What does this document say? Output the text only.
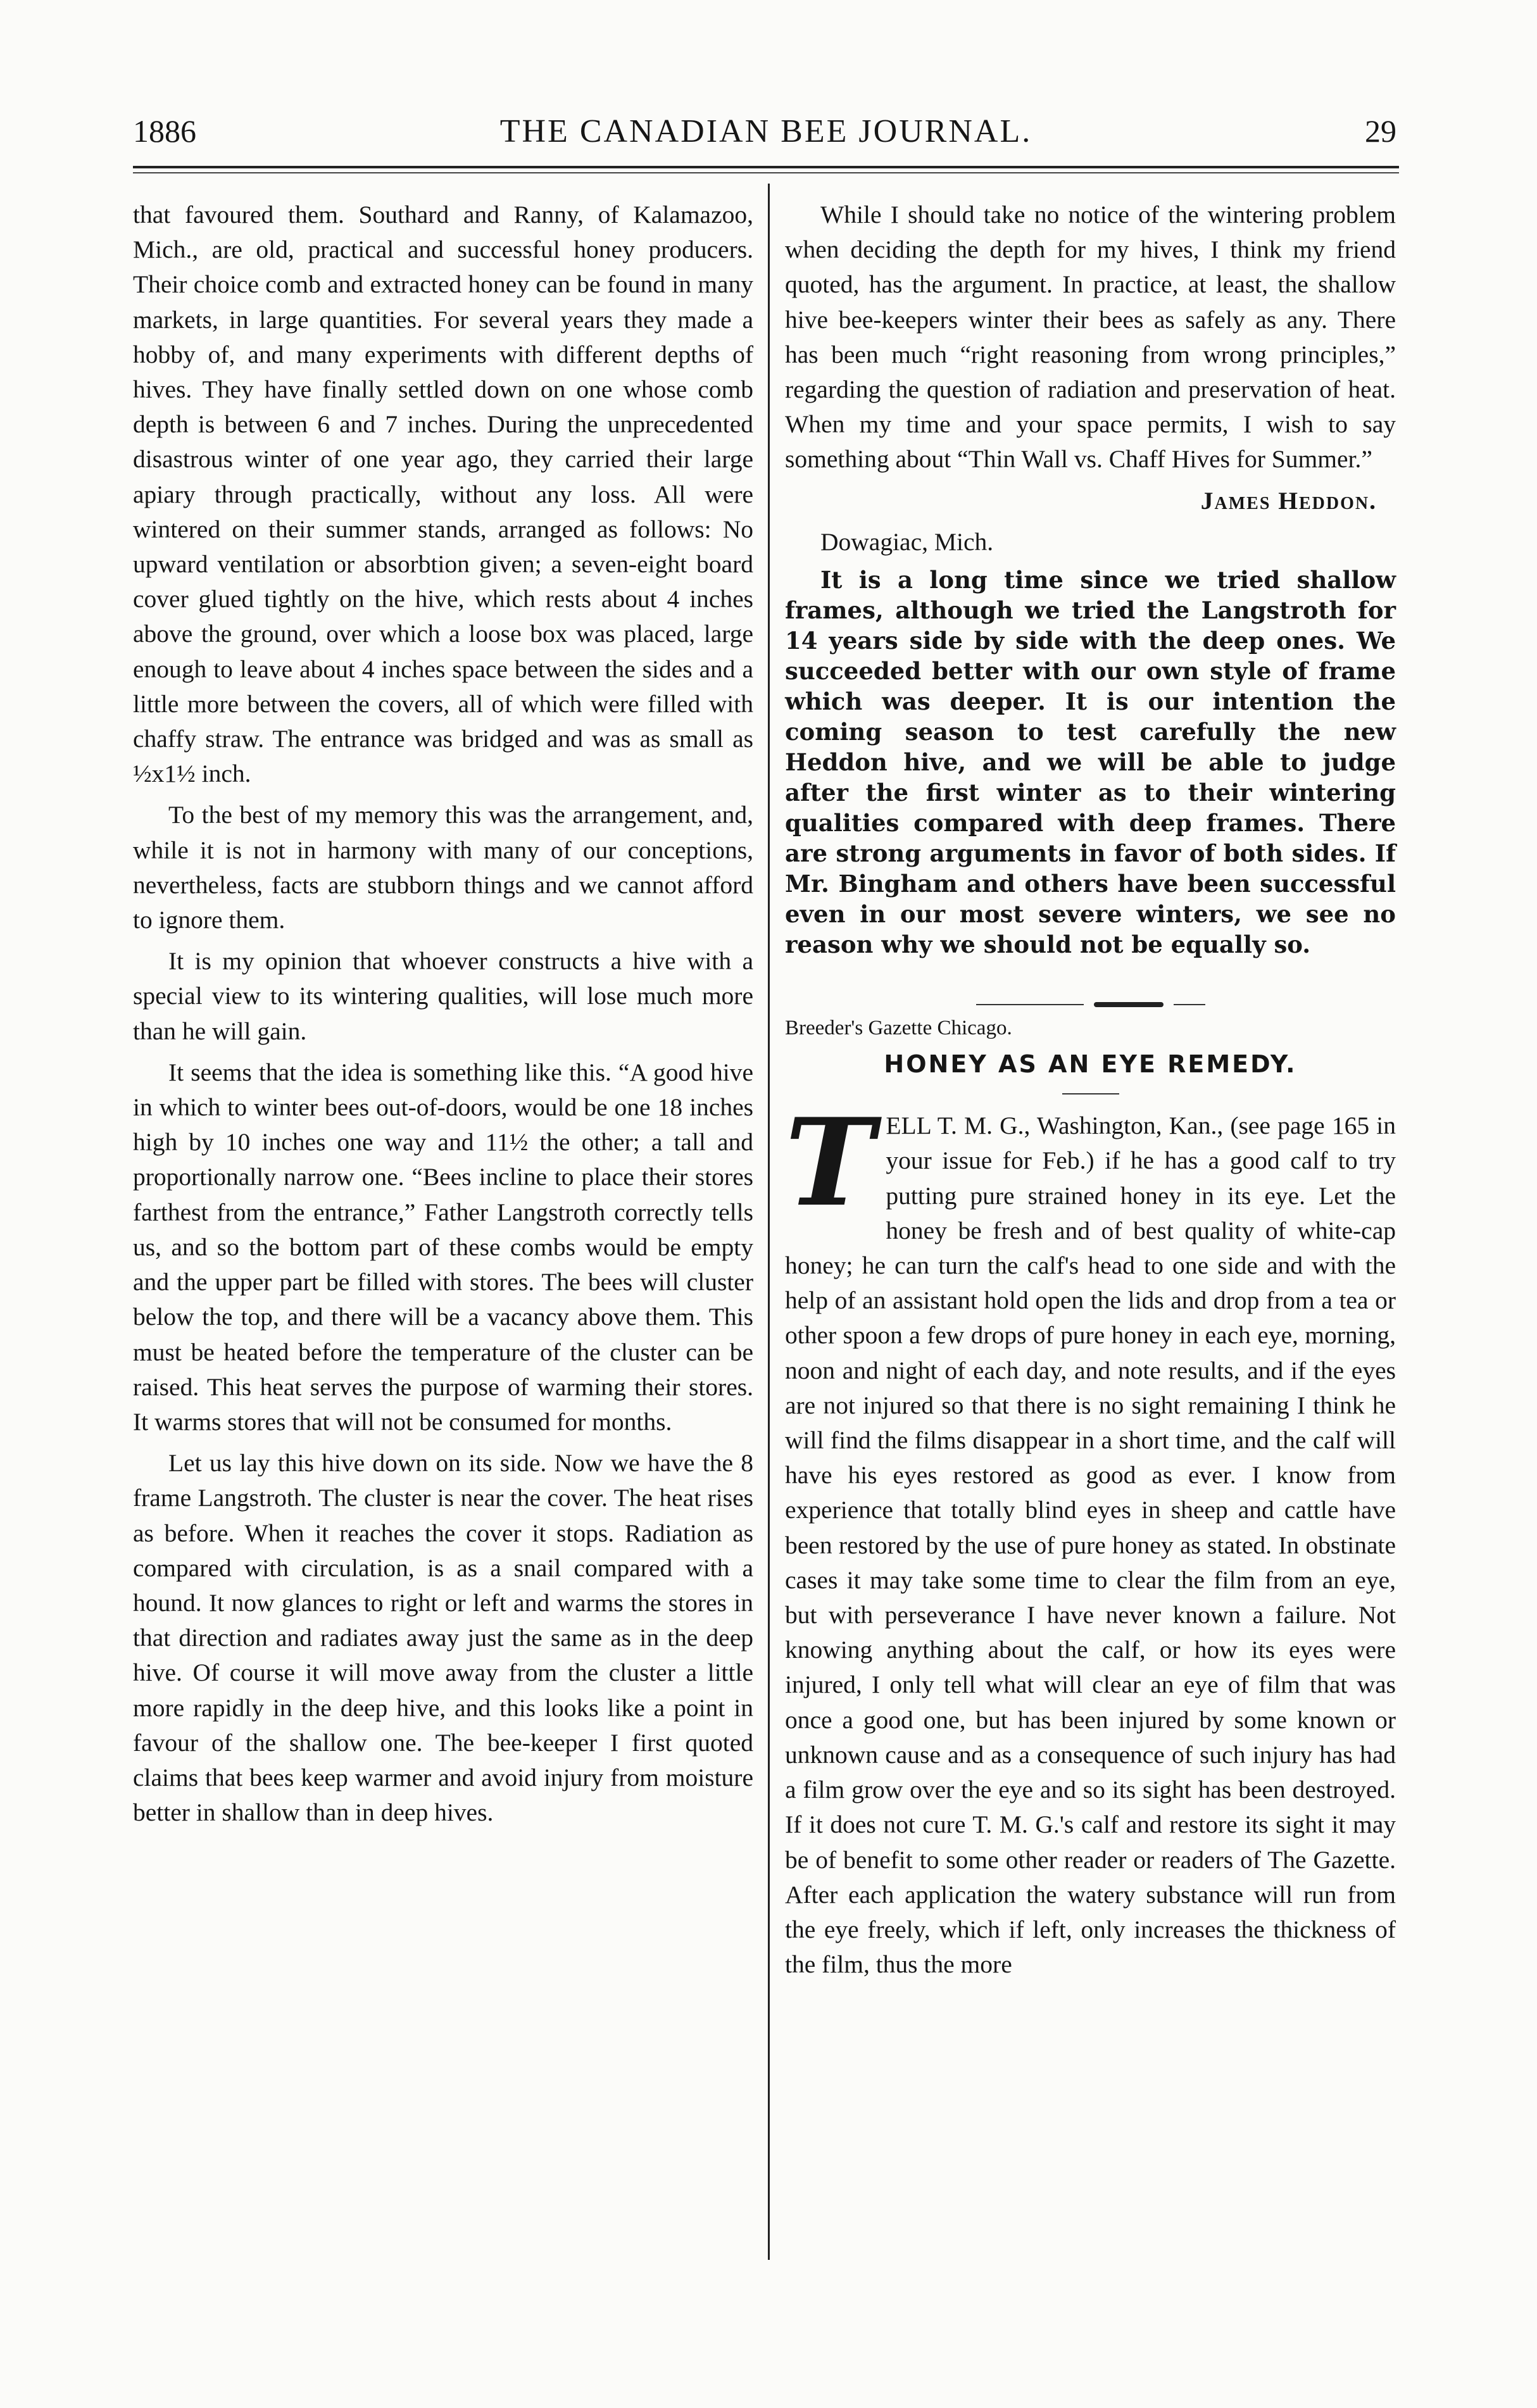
1886	THE CANADIAN BEE JOURNAL.	29

that favoured them. Southard and Ranny, of Kalamazoo, Mich., are old, practical and successful honey producers. Their choice comb and extracted honey can be found in many markets, in large quantities. For several years they made a hobby of, and many experiments with different depths of hives. They have finally settled down on one whose comb depth is between 6 and 7 inches. During the unprecedented disastrous winter of one year ago, they carried their large apiary through practically, without any loss. All were wintered on their summer stands, arranged as follows: No upward ventilation or absorbtion given; a seven-eight board cover glued tightly on the hive, which rests about 4 inches above the ground, over which a loose box was placed, large enough to leave about 4 inches space between the sides and a little more between the covers, all of which were filled with chaffy straw. The entrance was bridged and was as small as ½x1½ inch.

To the best of my memory this was the arrangement, and, while it is not in harmony with many of our conceptions, nevertheless, facts are stubborn things and we cannot afford to ignore them.

It is my opinion that whoever constructs a hive with a special view to its wintering qualities, will lose much more than he will gain.

It seems that the idea is something like this. “A good hive in which to winter bees out-of-doors, would be one 18 inches high by 10 inches one way and 11½ the other; a tall and proportionally narrow one. “Bees incline to place their stores farthest from the entrance,” Father Langstroth correctly tells us, and so the bottom part of these combs would be empty and the upper part be filled with stores. The bees will cluster below the top, and there will be a vacancy above them. This must be heated before the temperature of the cluster can be raised. This heat serves the purpose of warming their stores. It warms stores that will not be consumed for months.

Let us lay this hive down on its side. Now we have the 8 frame Langstroth. The cluster is near the cover. The heat rises as before. When it reaches the cover it stops. Radiation as compared with circulation, is as a snail compared with a hound. It now glances to right or left and warms the stores in that direction and radiates away just the same as in the deep hive. Of course it will move away from the cluster a little more rapidly in the deep hive, and this looks like a point in favour of the shallow one. The bee-keeper I first quoted claims that bees keep warmer and avoid injury from moisture better in shallow than in deep hives.

While I should take no notice of the wintering problem when deciding the depth for my hives, I think my friend quoted, has the argument. In practice, at least, the shallow hive bee-keepers winter their bees as safely as any. There has been much “right reasoning from wrong principles,” regarding the question of radiation and preservation of heat. When my time and your space permits, I wish to say something about “Thin Wall vs. Chaff Hives for Summer.”

James Heddon.

Dowagiac, Mich.

It is a long time since we tried shallow frames, although we tried the Langstroth for 14 years side by side with the deep ones. We succeeded better with our own style of frame which was deeper. It is our intention the coming season to test carefully the new Heddon hive, and we will be able to judge after the first winter as to their wintering qualities compared with deep frames. There are strong arguments in favor of both sides. If Mr. Bingham and others have been successful even in our most severe winters, we see no reason why we should not be equally so.

Breeder's Gazette Chicago.

HONEY AS AN EYE REMEDY.

TELL T. M. G., Washington, Kan., (see page 165 in your issue for Feb.) if he has a good calf to try putting pure strained honey in its eye. Let the honey be fresh and of best quality of white-cap honey; he can turn the calf's head to one side and with the help of an assistant hold open the lids and drop from a tea or other spoon a few drops of pure honey in each eye, morning, noon and night of each day, and note results, and if the eyes are not injured so that there is no sight remaining I think he will find the films disappear in a short time, and the calf will have his eyes restored as good as ever. I know from experience that totally blind eyes in sheep and cattle have been restored by the use of pure honey as stated. In obstinate cases it may take some time to clear the film from an eye, but with perseverance I have never known a failure. Not knowing anything about the calf, or how its eyes were injured, I only tell what will clear an eye of film that was once a good one, but has been injured by some known or unknown cause and as a consequence of such injury has had a film grow over the eye and so its sight has been destroyed. If it does not cure T. M. G.'s calf and restore its sight it may be of benefit to some other reader or readers of The Gazette. After each application the watery substance will run from the eye freely, which if left, only increases the thickness of the film, thus the more
